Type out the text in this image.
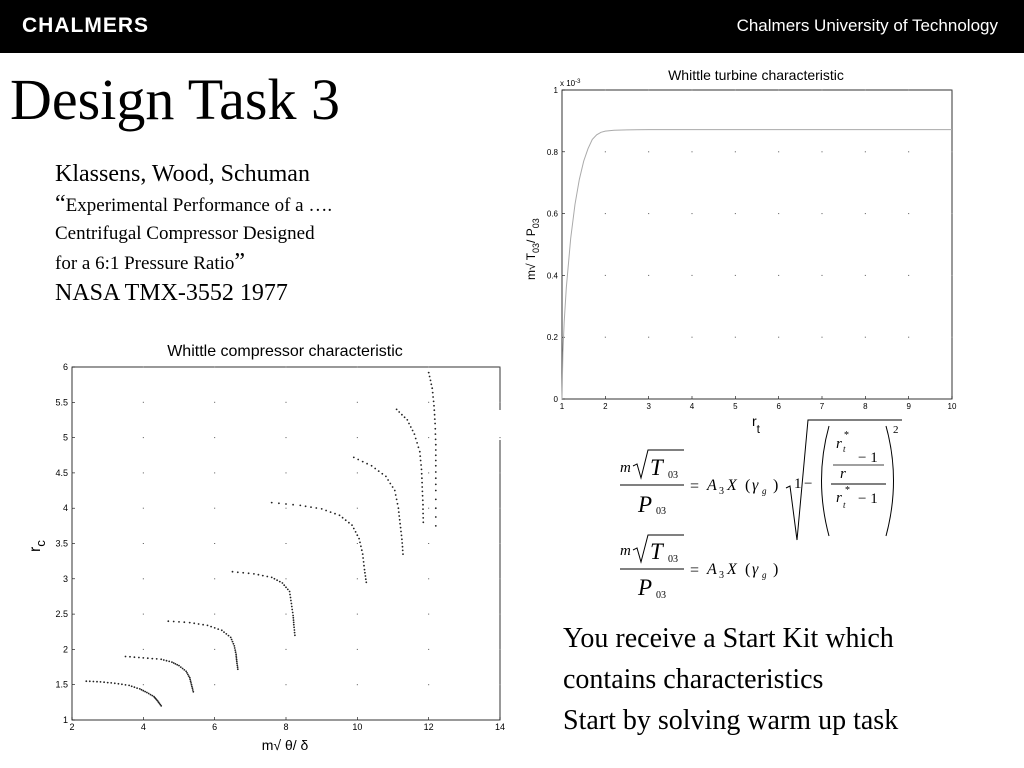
CHALMERS	Chalmers University of Technology
Design Task 3
Klassens, Wood, Schuman
“Experimental Performance of a ….
Centrifugal Compressor Designed
for a 6:1 Pressure Ratio”
NASA TMX-3552 1977
Whittle turbine characteristic
x $10^{-3}$
1	2	3	4	5	6	7	8	9	10
0
0.2
0.4
0.6
0.8
1
rt
m√ $T_{03}/$ $P_{03}$
Whittle compressor characteristic
2	4	6	8	10	12	14
1
1.5
2
2.5
3
3.5
4
4.5
5
5.5
6
m√ θ/ δ
$r_c$
m T 03
P 03
= A 3 X ( γ g ) 1 −
2
r t
*
− 1
r
r t
*
− 1
m T 03
P 03
= A 3 X ( γ g )
You receive a Start Kit which
contains characteristics
Start by solving warm up task
